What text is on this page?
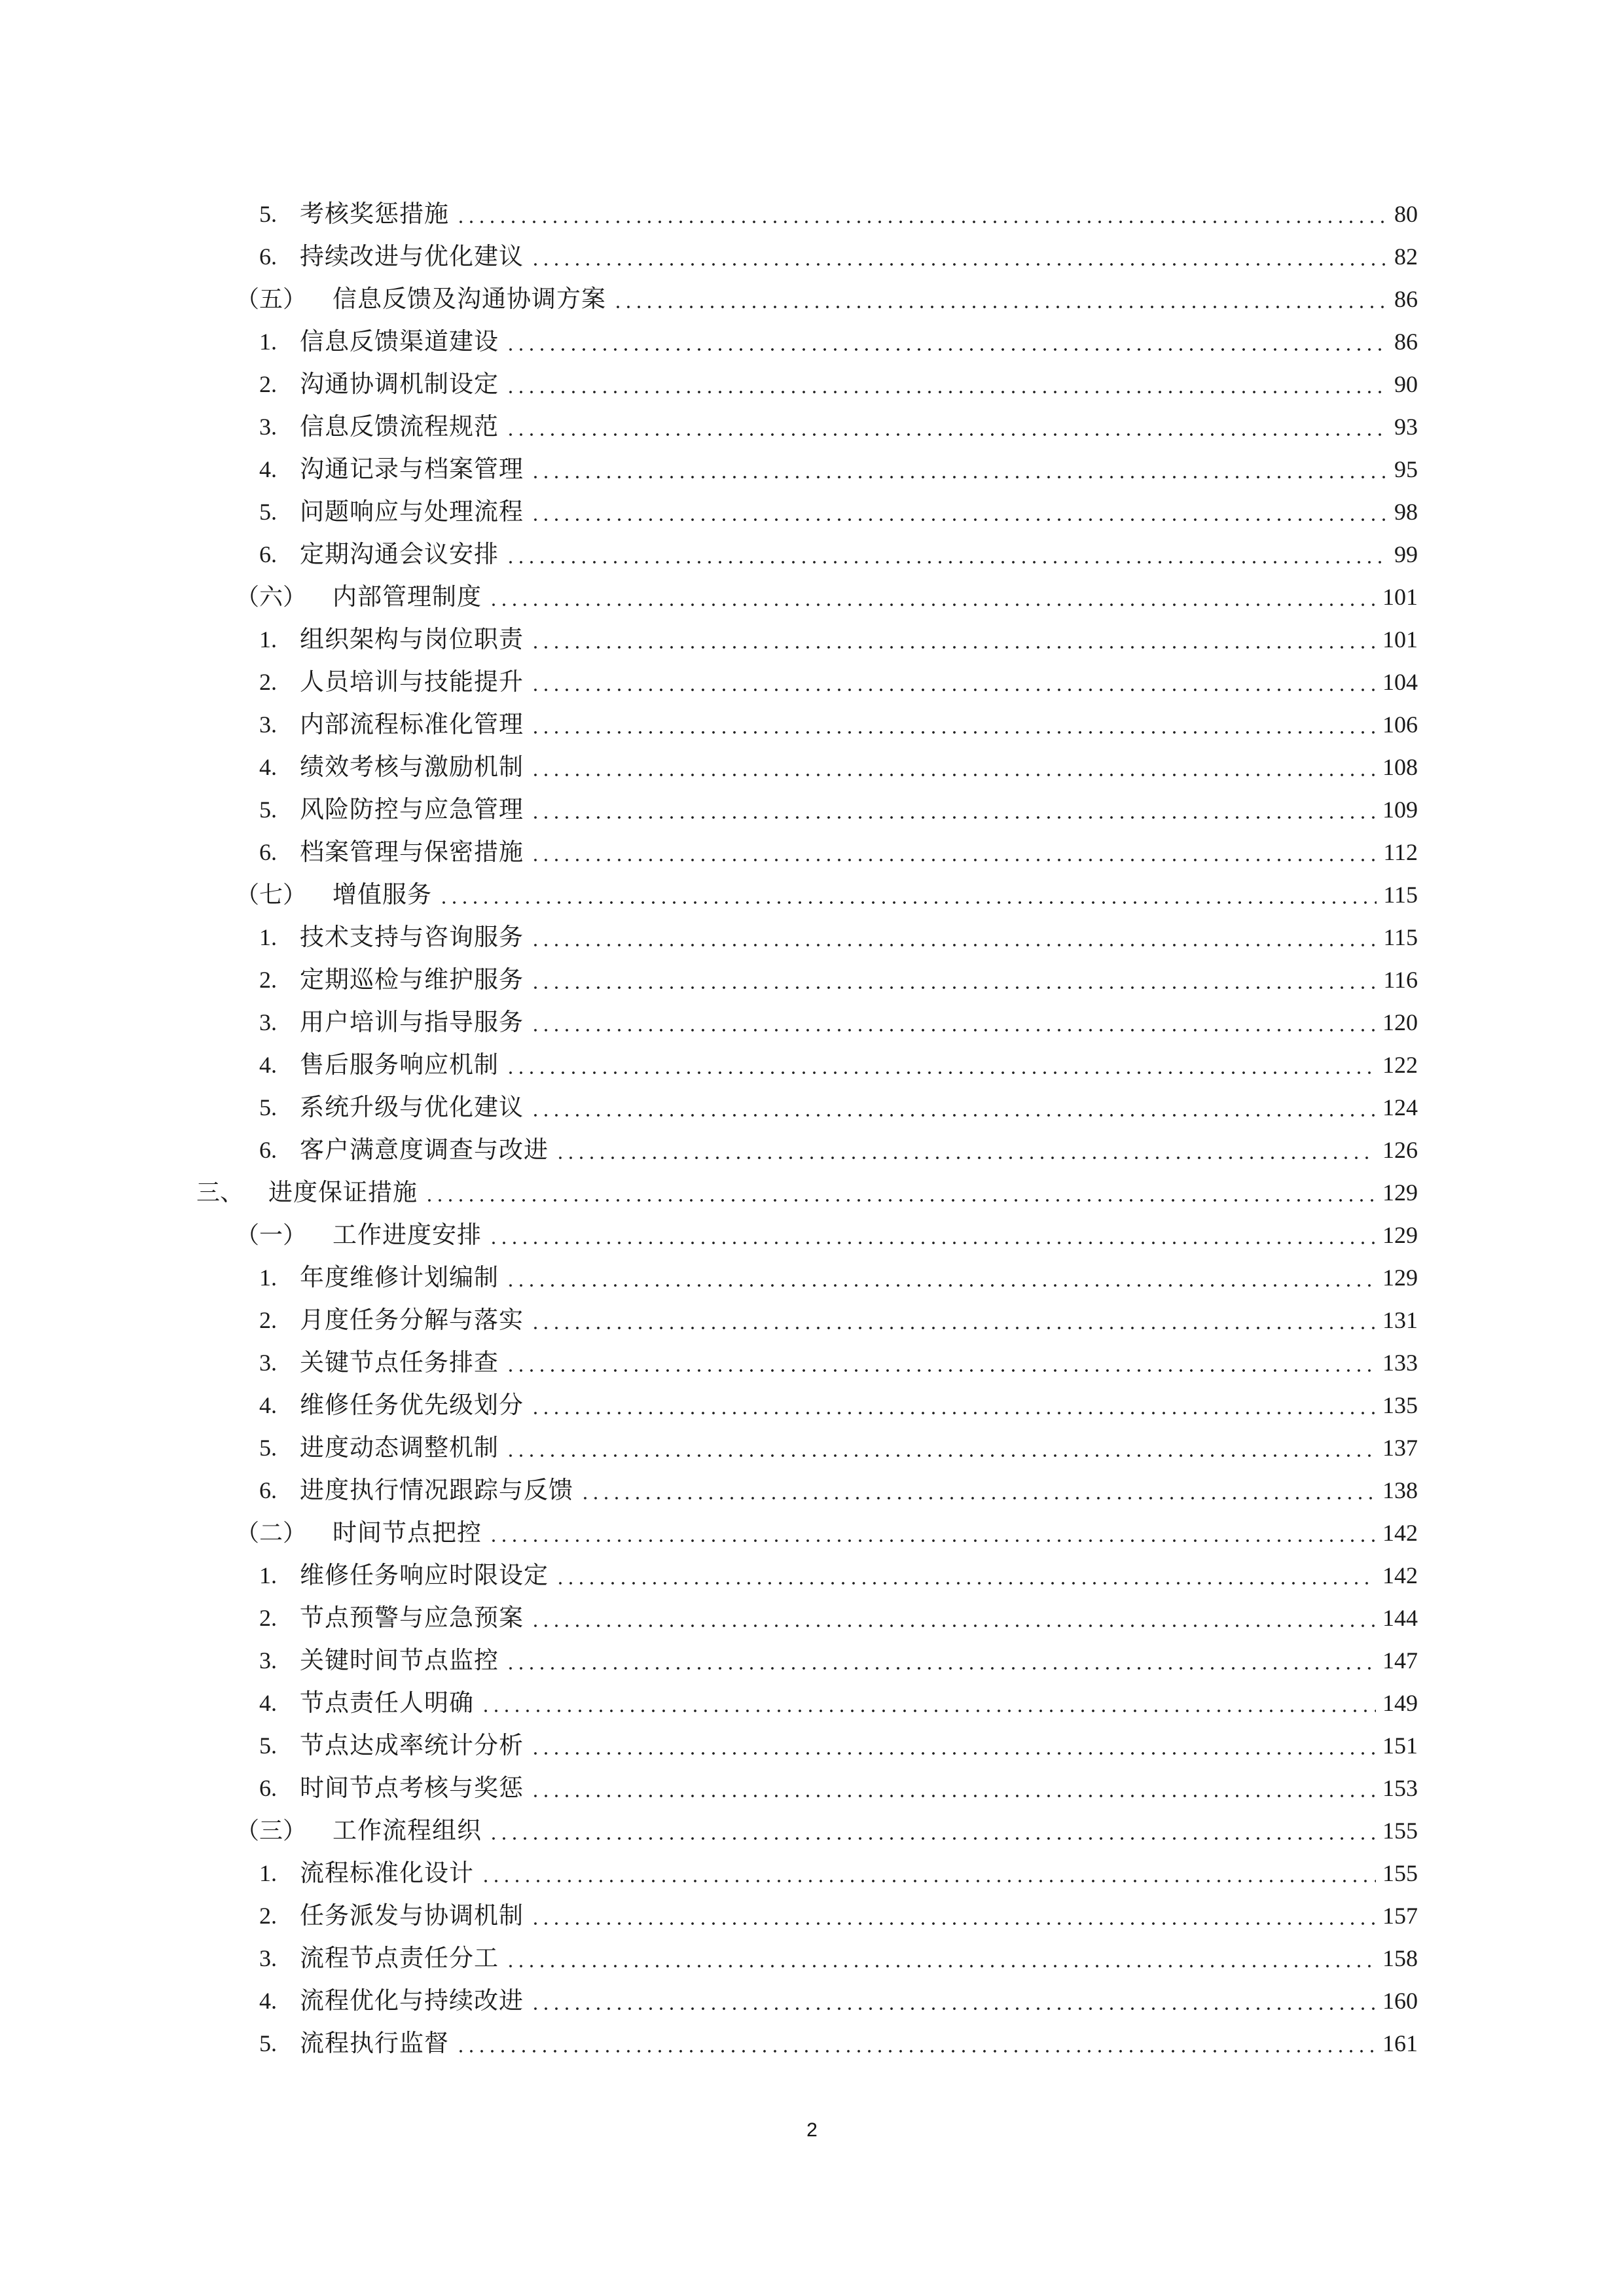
5. 考核奖惩措施	80
6. 持续改进与优化建议	82
（五）	信息反馈及沟通协调方案	86
1. 信息反馈渠道建设	86
2. 沟通协调机制设定	90
3. 信息反馈流程规范	93
4. 沟通记录与档案管理	95
5. 问题响应与处理流程	98
6. 定期沟通会议安排	99
（六）	内部管理制度	101
1. 组织架构与岗位职责	101
2. 人员培训与技能提升	104
3. 内部流程标准化管理	106
4. 绩效考核与激励机制	108
5. 风险防控与应急管理	109
6. 档案管理与保密措施	112
（七）	增值服务	115
1. 技术支持与咨询服务	115
2. 定期巡检与维护服务	116
3. 用户培训与指导服务	120
4. 售后服务响应机制	122
5. 系统升级与优化建议	124
6. 客户满意度调查与改进	126
三、	进度保证措施	129
（一）	工作进度安排	129
1. 年度维修计划编制	129
2. 月度任务分解与落实	131
3. 关键节点任务排查	133
4. 维修任务优先级划分	135
5. 进度动态调整机制	137
6. 进度执行情况跟踪与反馈	138
（二）	时间节点把控	142
1. 维修任务响应时限设定	142
2. 节点预警与应急预案	144
3. 关键时间节点监控	147
4. 节点责任人明确	149
5. 节点达成率统计分析	151
6. 时间节点考核与奖惩	153
（三）	工作流程组织	155
1. 流程标准化设计	155
2. 任务派发与协调机制	157
3. 流程节点责任分工	158
4. 流程优化与持续改进	160
5. 流程执行监督	161
2
